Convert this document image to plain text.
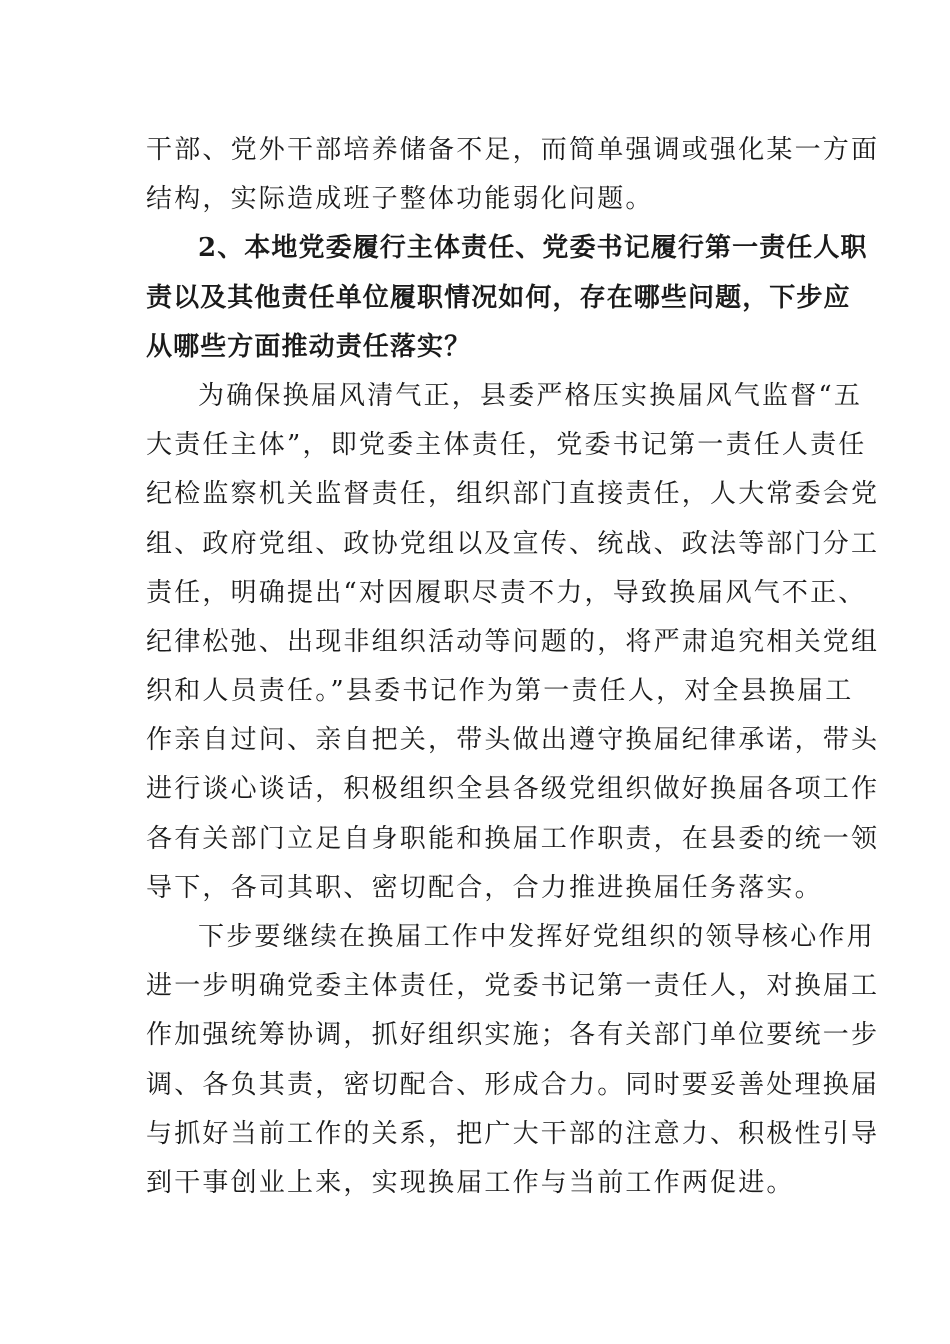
干部、党外干部培养储备不足，而简单强调或强化某一方面
结构，实际造成班子整体功能弱化问题。
2、本地党委履行主体责任、党委书记履行第一责任人职
责以及其他责任单位履职情况如何，存在哪些问题，下步应
从哪些方面推动责任落实？
为确保换届风清气正，县委严格压实换届风气监督“五
大责任主体”，即党委主体责任，党委书记第一责任人责任
纪检监察机关监督责任，组织部门直接责任，人大常委会党
组、政府党组、政协党组以及宣传、统战、政法等部门分工
责任，明确提出“对因履职尽责不力，导致换届风气不正、
纪律松弛、出现非组织活动等问题的，将严肃追究相关党组
织和人员责任。”县委书记作为第一责任人，对全县换届工
作亲自过问、亲自把关，带头做出遵守换届纪律承诺，带头
进行谈心谈话，积极组织全县各级党组织做好换届各项工作
各有关部门立足自身职能和换届工作职责，在县委的统一领
导下，各司其职、密切配合，合力推进换届任务落实。
下步要继续在换届工作中发挥好党组织的领导核心作用
进一步明确党委主体责任，党委书记第一责任人，对换届工
作加强统筹协调，抓好组织实施；各有关部门单位要统一步
调、各负其责，密切配合、形成合力。同时要妥善处理换届
与抓好当前工作的关系，把广大干部的注意力、积极性引导
到干事创业上来，实现换届工作与当前工作两促进。
